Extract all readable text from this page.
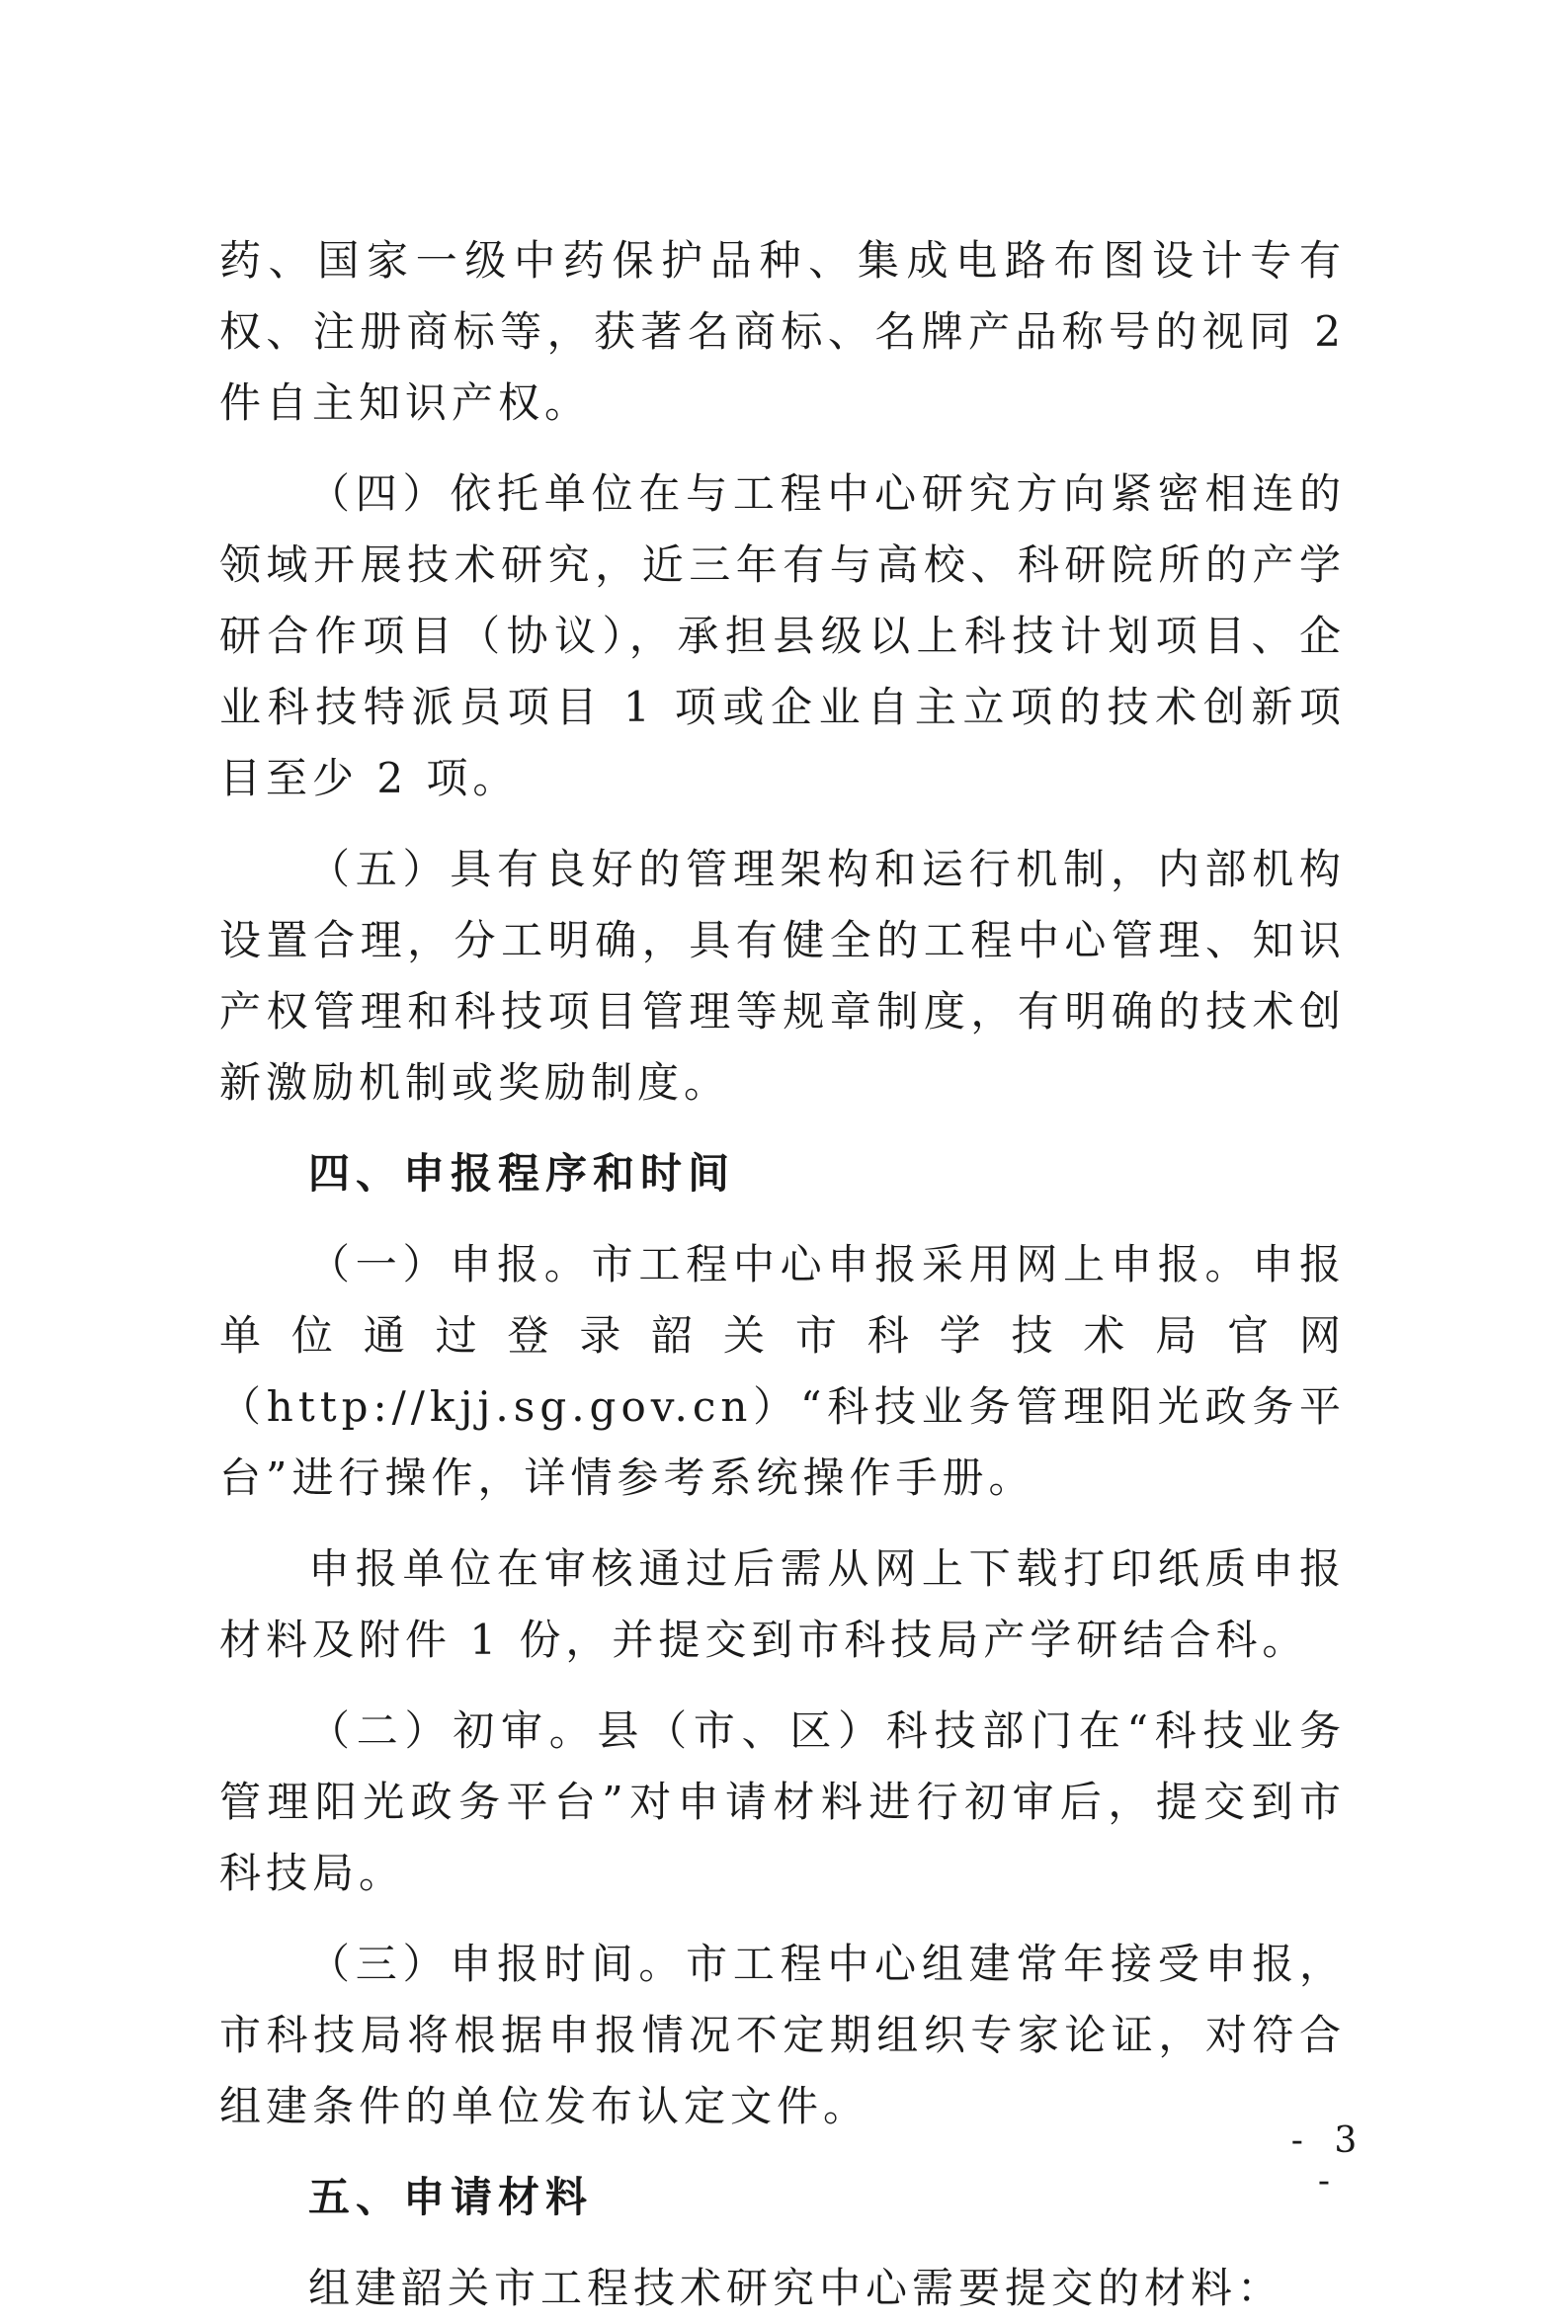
药、国家一级中药保护品种、集成电路布图设计专有权、注册商标等，获著名商标、名牌产品称号的视同 2 件自主知识产权。

（四）依托单位在与工程中心研究方向紧密相连的领域开展技术研究，近三年有与高校、科研院所的产学研合作项目（协议），承担县级以上科技计划项目、企业科技特派员项目 1 项或企业自主立项的技术创新项目至少 2 项。

（五）具有良好的管理架构和运行机制，内部机构设置合理，分工明确，具有健全的工程中心管理、知识产权管理和科技项目管理等规章制度，有明确的技术创新激励机制或奖励制度。

四、申报程序和时间

（一）申报。市工程中心申报采用网上申报。申报单位通过登录韶关市科学技术局官网（http://kjj.sg.gov.cn）“科技业务管理阳光政务平台”进行操作，详情参考系统操作手册。

申报单位在审核通过后需从网上下载打印纸质申报材料及附件 1 份，并提交到市科技局产学研结合科。

（二）初审。县（市、区）科技部门在“科技业务管理阳光政务平台”对申请材料进行初审后，提交到市科技局。

（三）申报时间。市工程中心组建常年接受申报，市科技局将根据申报情况不定期组织专家论证，对符合组建条件的单位发布认定文件。

五、申请材料

组建韶关市工程技术研究中心需要提交的材料：

- 3 -
